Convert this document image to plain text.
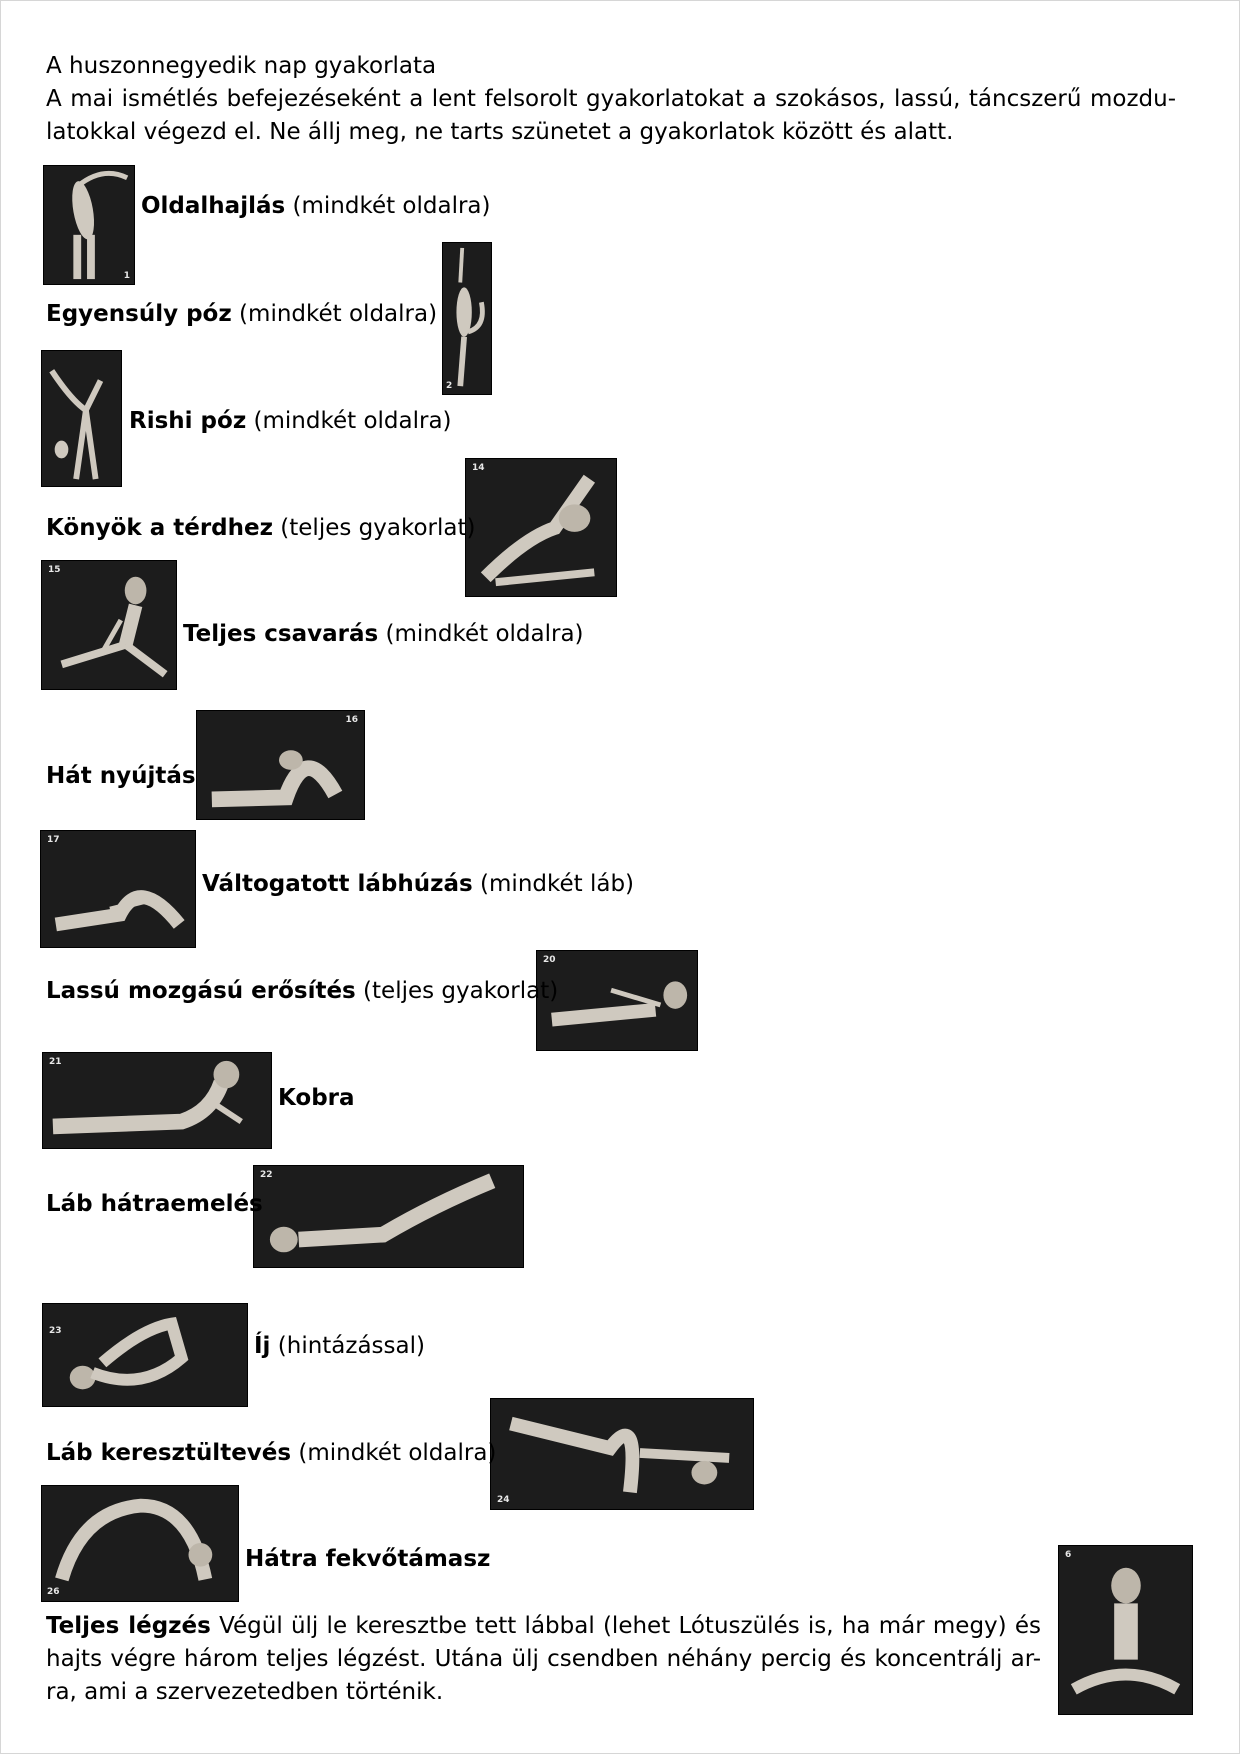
A huszonnegyedik nap gyakorlata

A mai ismétlés befejezéseként a lent felsorolt gyakorlatokat a szokásos, lassú, táncszerű mozdu-

latokkal végezd el. Ne állj meg, ne tarts szünetet a gyakorlatok között és alatt.

1
Oldalhajlás (mindkét oldalra)
2
Egyensúly póz (mindkét oldalra)
Rishi póz (mindkét oldalra)
14
Könyök a térdhez (teljes gyakorlat)
15
Teljes csavarás (mindkét oldalra)
16
Hát nyújtás
17
Váltogatott lábhúzás (mindkét láb)
20
Lassú mozgású erősítés (teljes gyakorlat)
21
Kobra
22
Láb hátraemelés
23
Íj (hintázással)
24
Láb keresztültevés (mindkét oldalra)
26
Hátra fekvőtámasz	6
Teljes légzés Végül ülj le keresztbe tett lábbal (lehet Lótuszülés is, ha már megy) és
hajts végre három teljes légzést. Utána ülj csendben néhány percig és koncentrálj ar-
ra, ami a szervezetedben történik.
